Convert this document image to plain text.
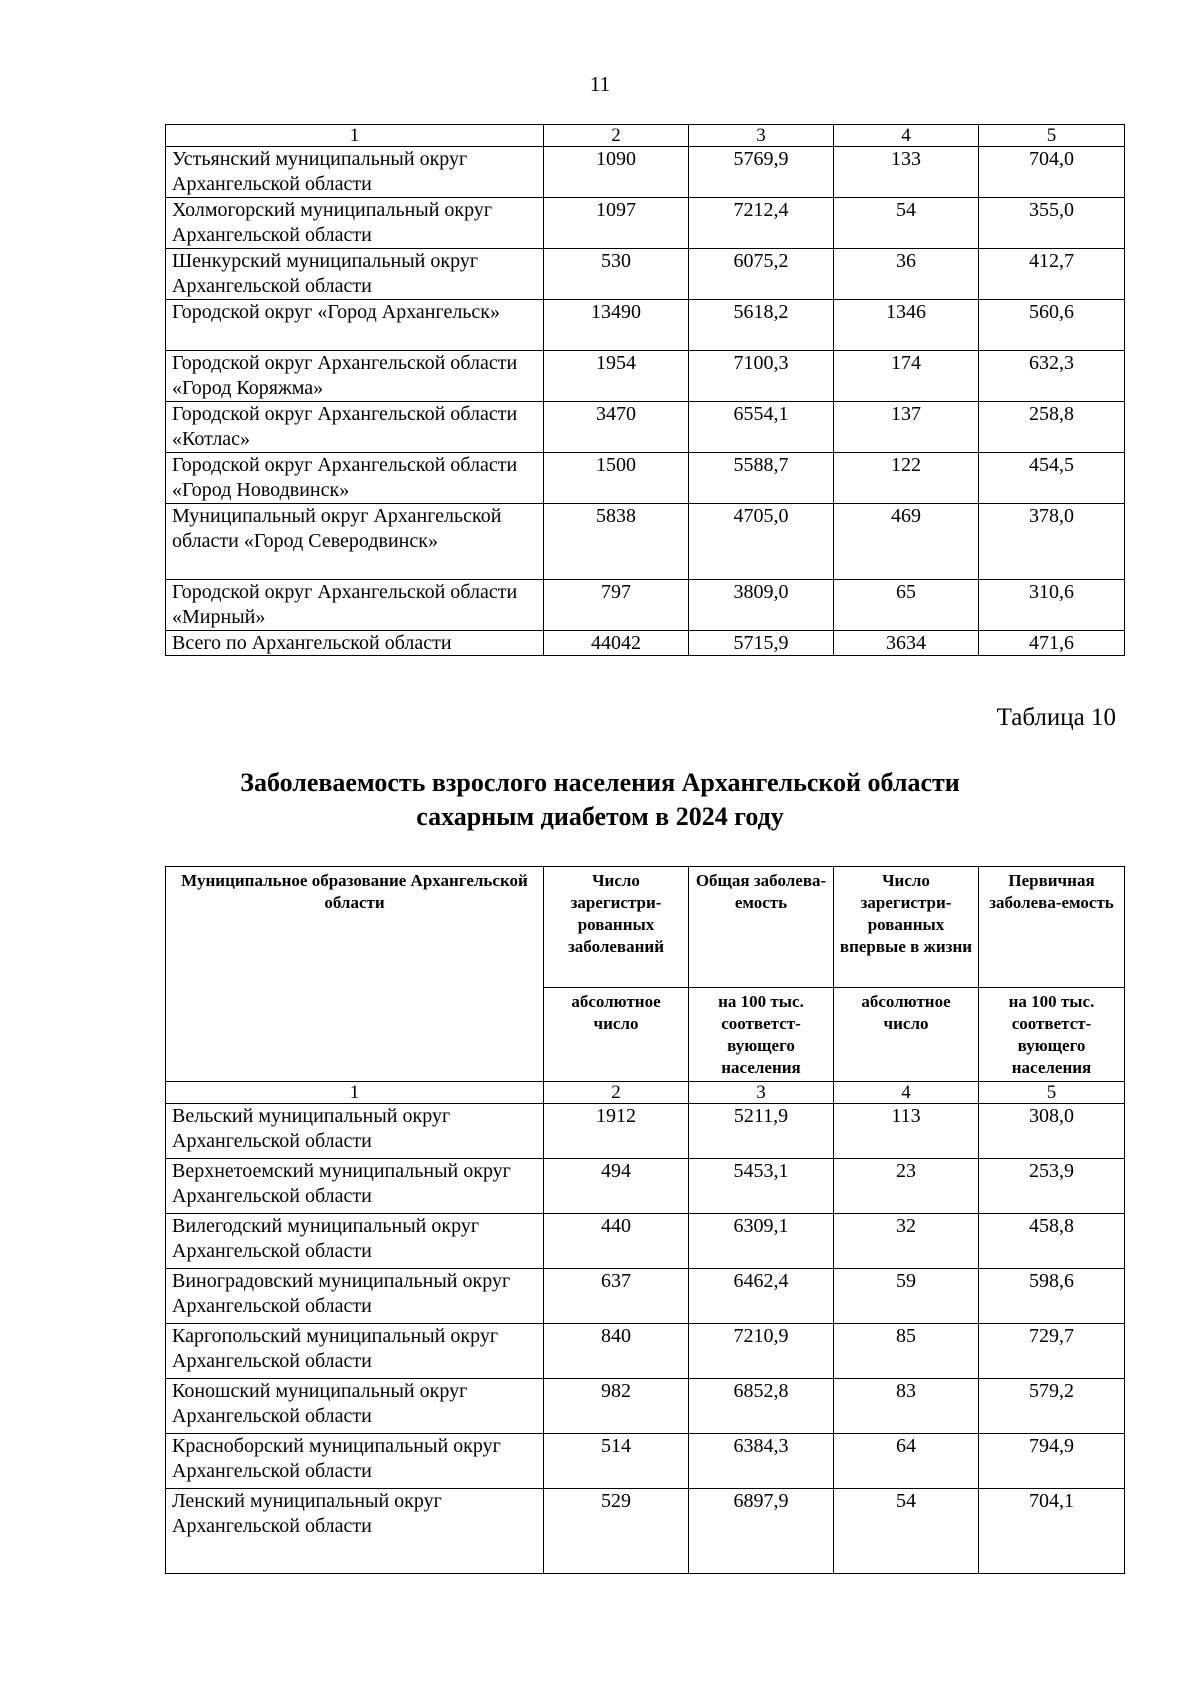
11
1	2	3	4	5
Устьянский муниципальный округ Архангельской области	1090	5769,9	133	704,0
Холмогорский муниципальный округ Архангельской области	1097	7212,4	54	355,0
Шенкурский муниципальный округ Архангельской области	530	6075,2	36	412,7
Городской округ «Город Архангельск»	13490	5618,2	1346	560,6
Городской округ Архангельской области «Город Коряжма»	1954	7100,3	174	632,3
Городской округ Архангельской области «Котлас»	3470	6554,1	137	258,8
Городской округ Архангельской области «Город Новодвинск»	1500	5588,7	122	454,5
Муниципальный округ Архангельской области «Город Северодвинск»	5838	4705,0	469	378,0
Городской округ Архангельской области «Мирный»	797	3809,0	65	310,6
Всего по Архангельской области	44042	5715,9	3634	471,6
Таблица 10
Заболеваемость взрослого населения Архангельской области
сахарным диабетом в 2024 году
Муниципальное образование Архангельской области	Число зарегистри-рованных заболеваний	Общая заболева-емость	Число зарегистри-рованных впервые в жизни	Первичная заболева-емость
	абсолютное число	на 100 тыс. соответст-вующего населения	абсолютное число	на 100 тыс. соответст-вующего населения
1	2	3	4	5
Вельский муниципальный округ Архангельской области	1912	5211,9	113	308,0
Верхнетоемский муниципальный округ Архангельской области	494	5453,1	23	253,9
Вилегодский муниципальный округ Архангельской области	440	6309,1	32	458,8
Виноградовский муниципальный округ Архангельской области	637	6462,4	59	598,6
Каргопольский муниципальный округ Архангельской области	840	7210,9	85	729,7
Коношский муниципальный округ Архангельской области	982	6852,8	83	579,2
Красноборский муниципальный округ Архангельской области	514	6384,3	64	794,9
Ленский муниципальный округ Архангельской области	529	6897,9	54	704,1
